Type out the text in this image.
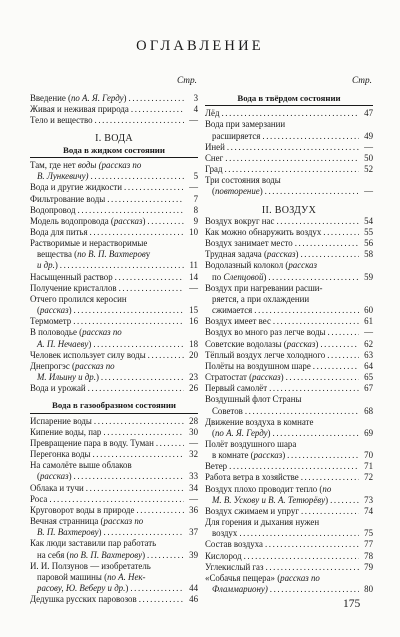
ОГЛАВЛЕНИЕ
Стр.
Введение (по А. Я. Герду) .....	3
Живая и неживая природа .....	4
Тело и вещество .....	—
I. ВОДА
Вода в жидком состоянии
Там, где нет воды (рассказ по
В. Лункевичу) .....	5
Вода и другие жидкости .....	—
Фильтрование воды .....	7
Водопровод .....	8
Модель водопровода (рассказ) .....	9
Вода для питья .....	10
Растворимые и нерастворимые
вещества (по В. П. Вахтерову
и др.) .....	11
Насыщенный раствор .....	14
Получение кристаллов .....	—
Отчего пролился керосин
(рассказ) .....	15
Термометр .....	16
В половодье (рассказ по
А. П. Нечаеву) .....	18
Человек использует силу воды .....	20
Днепрогэс (рассказ по
М. Ильину и др.) .....	23
Вода и урожай .....	26
Вода в газообразном состоянии
Испарение воды .....	28
Кипение воды, пар .....	30
Превращение пара в воду. Туман .....	—
Перегонка воды .....	32
На самолёте выше облаков
(рассказ) .....	33
Облака и тучи .....	34
Роса .....	—
Круговорот воды в природе .....	36
Вечная странница (рассказ по
В. П. Вахтерову) .....	37
Как люди заставили пар работать
на себя (по В. П. Вахтерову) .....	39
И. И. Ползунов — изобретатель
паровой машины (по А. Нек-
расову, Ю. Веберу и др.) .....	44
Дедушка русских паровозов .....	46
Стр.
Вода в твёрдом состоянии
Лёд .....	47
Вода при замерзании
расширяется .....	49
Иней .....	—
Снег .....	50
Град .....	52
Три состояния воды
(повторение) .....	—
II. ВОЗДУХ
Воздух вокруг нас .....	54
Как можно обнаружить воздух .....	55
Воздух занимает место .....	56
Трудная задача (рассказ) .....	58
Водолазный колокол (рассказ
по Слепцовой) .....	59
Воздух при нагревании расши-
ряется, а при охлаждении
сжимается .....	60
Воздух имеет вес .....	61
Воздух во много раз легче воды .....	—
Советские водолазы (рассказ) .....	62
Тёплый воздух легче холодного .....	63
Полёты на воздушном шаре .....	64
Стратостат (рассказ) .....	65
Первый самолёт .....	67
Воздушный флот Страны
Советов .....	68
Движение воздуха в комнате
(по А. Я. Герду) .....	69
Полёт воздушного шара
в комнате (рассказ) .....	70
Ветер .....	71
Работа ветра в хозяйстве .....	72
Воздух плохо проводит тепло (по
М. В. Ускову и В. А. Тетюрёву) .....	73
Воздух сжимаем и упруг .....	74
Для горения и дыхания нужен
воздух .....	75
Состав воздуха .....	77
Кислород .....	78
Углекислый газ .....	79
«Собачья пещера» (рассказ по
Фламмариону) .....	80
175
